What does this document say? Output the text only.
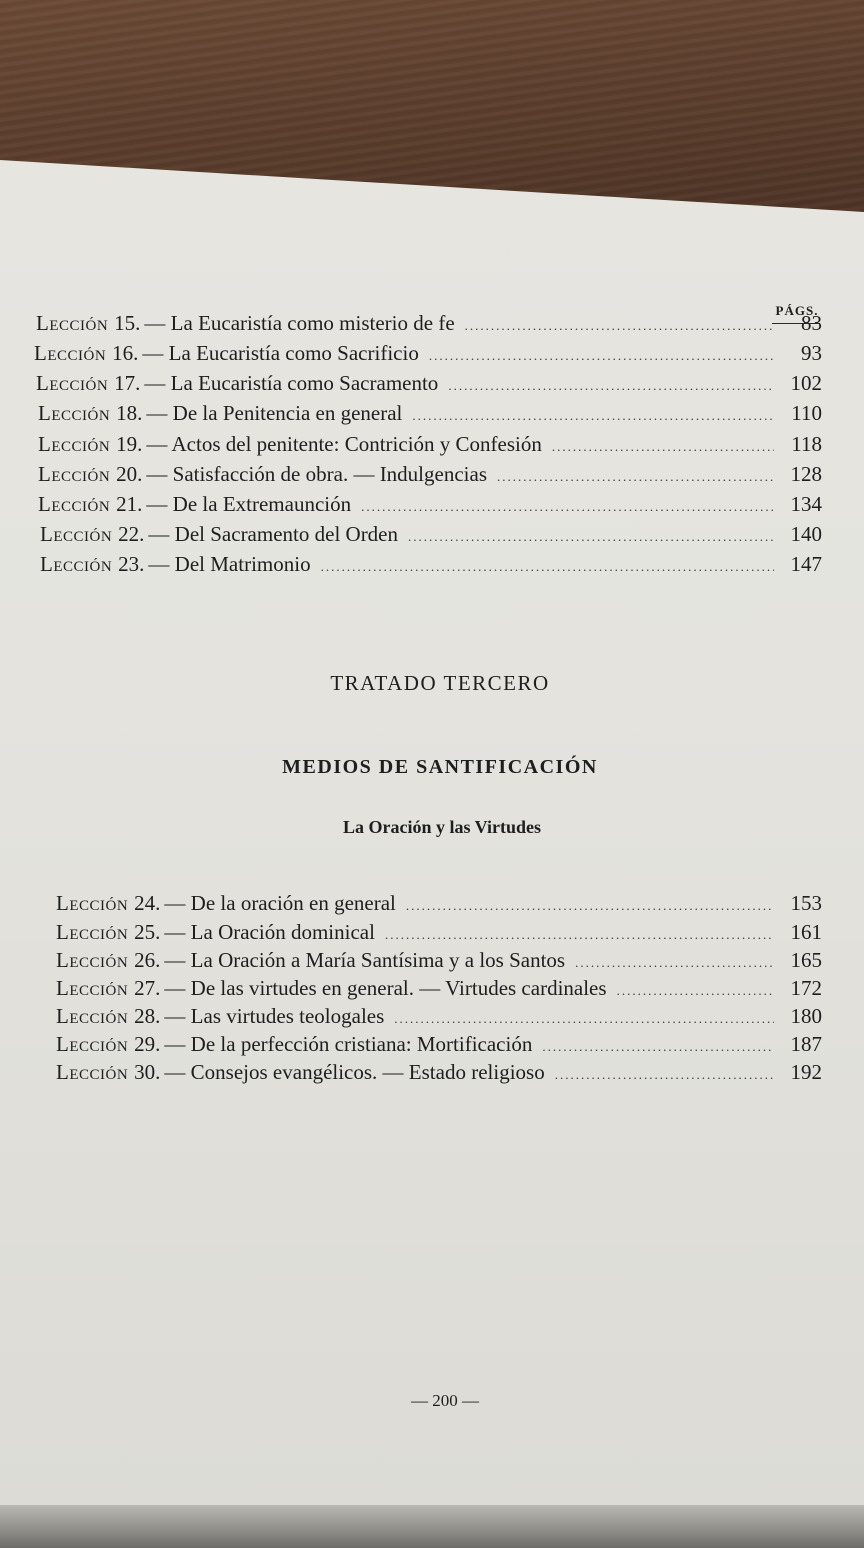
PÁGS.
Lección 15. — La Eucaristía como misterio de fe .....	83
Lección 16. — La Eucaristía como Sacrificio .....	93
Lección 17. — La Eucaristía como Sacramento .....	102
Lección 18. — De la Penitencia en general .....	110
Lección 19. — Actos del penitente: Contrición y Confesión .....	118
Lección 20. — Satisfacción de obra. — Indulgencias .....	128
Lección 21. — De la Extremaunción .....	134
Lección 22. — Del Sacramento del Orden .....	140
Lección 23. — Del Matrimonio .....	147
TRATADO TERCERO
MEDIOS DE SANTIFICACIÓN
La Oración y las Virtudes
Lección 24. — De la oración en general .....	153
Lección 25. — La Oración dominical .....	161
Lección 26. — La Oración a María Santísima y a los Santos .....	165
Lección 27. — De las virtudes en general. — Virtudes cardinales .....	172
Lección 28. — Las virtudes teologales .....	180
Lección 29. — De la perfección cristiana: Mortificación .....	187
Lección 30. — Consejos evangélicos. — Estado religioso .....	192
— 200 —
